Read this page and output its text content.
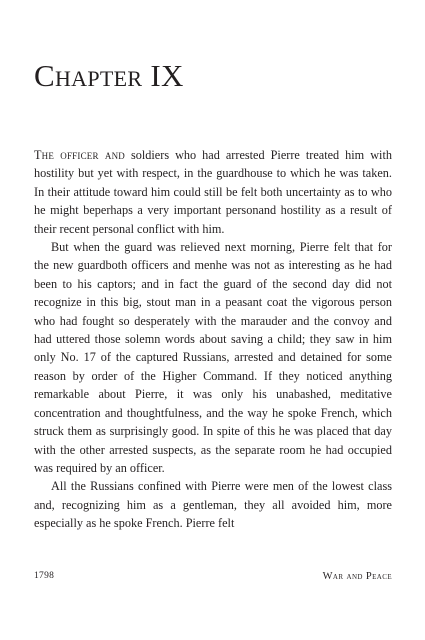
Chapter IX

The officer and soldiers who had arrested Pierre treated him with hostility but yet with respect, in the guardhouse to which he was taken. In their attitude toward him could still be felt both uncertainty as to who he might beperhaps a very important personand hostility as a result of their recent personal conflict with him.

But when the guard was relieved next morning, Pierre felt that for the new guardboth officers and menhe was not as interesting as he had been to his captors; and in fact the guard of the second day did not recognize in this big, stout man in a peasant coat the vigorous person who had fought so desperately with the marauder and the convoy and had uttered those solemn words about saving a child; they saw in him only No. 17 of the captured Russians, arrested and detained for some reason by order of the Higher Command. If they noticed anything remarkable about Pierre, it was only his unabashed, meditative concentration and thoughtfulness, and the way he spoke French, which struck them as surprisingly good. In spite of this he was placed that day with the other arrested suspects, as the separate room he had occupied was required by an officer.

All the Russians confined with Pierre were men of the lowest class and, recognizing him as a gentleman, they all avoided him, more especially as he spoke French. Pierre felt

1798	War and Peace
